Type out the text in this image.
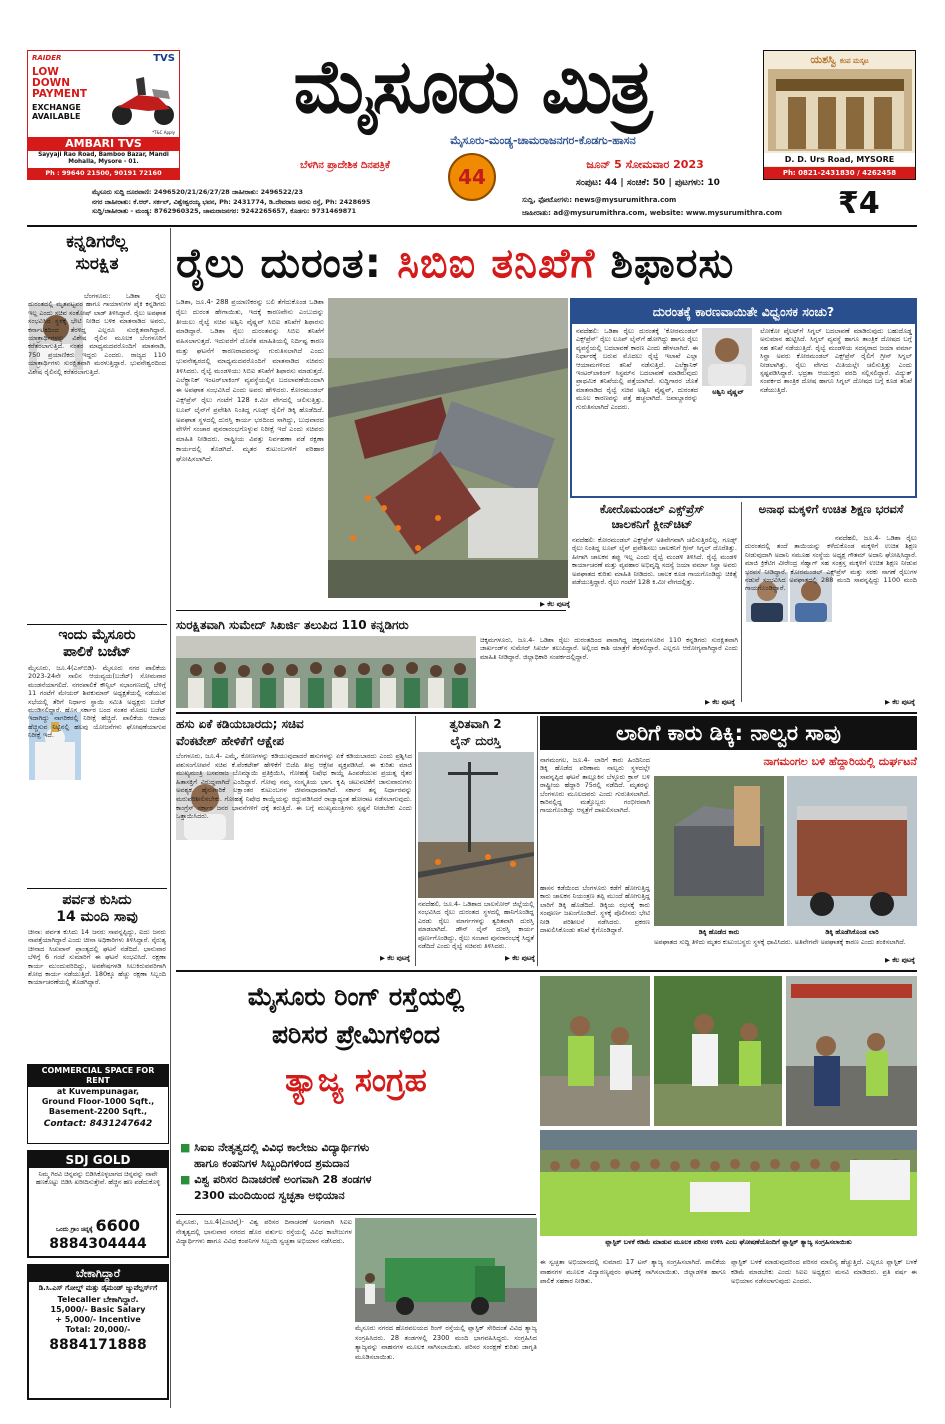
TVS
RAIDER
LOW
DOWN
PAYMENT
EXCHANGE
AVAILABLE
*T&C Apply
AMBARI TVS
Sayyaji Rao Road, Bamboo Bazar, Mandi Mohalla, Mysore - 01.
Ph : 99640 21500, 90191 72160
ಮೈಸೂರು ಮಿತ್ರ
ಮೈಸೂರು-ಮಂಡ್ಯ-ಚಾಮರಾಜನಗರ-ಕೊಡಗು-ಹಾಸನ
ಬೆಳಗಿನ ಪ್ರಾದೇಶಿಕ ದಿನಪತ್ರಿಕೆ	ಜೂನ್ 5 ಸೋಮವಾರ 2023
44	ಸಂಪುಟ: 44 | ಸಂಚಿಕೆ: 50 | ಪುಟಗಳು: 10
ಯಶಸ್ವಿ ಕಂಪ ಮಸ್ಕಟ
D. D. Urs Road, MYSORE
Ph: 0821-2431830 / 4262458
ಮೈಸೂರು ಸುದ್ದಿ ದೂರವಾಣಿ: 2496520/21/26/27/28 ಜಾಹೀರಾತು: 2496522/23
ನಗರ ಜಾಹೀರಾತು: ಕೆ.ಆರ್. ಸರ್ಕಲ್, ವಿಶ್ವೇಶ್ವರಯ್ಯ ಭವನ, Ph: 2431774, ಡಿ.ದೇವರಾಜ ಅರಸು ರಸ್ತೆ, Ph: 2428695
ಸುದ್ದಿ/ಜಾಹೀರಾತು - ಮಂಡ್ಯ: 8762960325, ಚಾಮರಾಜನಗರ: 9242265657, ಕೊಡಗು: 9731469871
ಸುದ್ದಿ, ಫೋಟೋಗಳು: news@mysurumithra.com
ಜಾಹೀರಾತು: ad@mysurumithra.com, website: www.mysurumithra.com	₹4
ಕನ್ನಡಿಗರೆಲ್ಲ
ಸುರಕ್ಷಿತ
ಬೆಂಗಳೂರು: ಒಡಿಶಾ ರೈಲು ದುರಂತದಲ್ಲಿ ಮೃತಪಟ್ಟವರ ಹಾಗೂ ಗಾಯಾಳುಗಳ ಪೈಕಿ ಕನ್ನಡಿಗರು ಇಲ್ಲ ಎಂದು ಸಚಿವ ಸಂತೋಷ್ ಲಾಡ್ ತಿಳಿಸಿದ್ದಾರೆ. ರೈಲು ಅಪಘಾತ ಸಂಭವಿಸಿದ ಸ್ಥಳಕ್ಕೆ ಭೇಟಿ ನೀಡಿದ ಬಳಿಕ ಮಾತನಾಡಿದ ಅವರು, ಕರ್ನಾಟಕದಿಂದ ತೆರಳಿದ್ದ ಎಲ್ಲರೂ ಸುರಕ್ಷಿತವಾಗಿದ್ದಾರೆ. ಯಾತ್ರಾರ್ಥಿಗಳನ್ನು ವಿಶೇಷ ರೈಲಿನ ಮೂಲಕ ಬೆಂಗಳೂರಿಗೆ ಕರೆತರಲಾಗುತ್ತಿದೆ. ನಂತರ ಮಾಧ್ಯಮದವರೊಂದಿಗೆ ಮಾತನಾಡಿ, 750 ಪ್ರಯಾಣಿಕರು ಇದ್ದರು ಎಂದರು. ರಾಜ್ಯದ 110 ಯಾತ್ರಾರ್ಥಿಗಳು ಸುರಕ್ಷಿತವಾಗಿ ಮರಳುತ್ತಿದ್ದಾರೆ. ಭುವನೇಶ್ವರದಿಂದ ವಿಶೇಷ ರೈಲಿನಲ್ಲಿ ಕರೆತರಲಾಗುತ್ತಿದೆ.
ಇಂದು ಮೈಸೂರು
ಪಾಲಿಕೆ ಬಜೆಟ್
ಮೈಸೂರು, ಜೂ.4(ಎಸ್‌ಬಿಡಿ)- ಮೈಸೂರು ನಗರ ಪಾಲಿಕೆಯ 2023-24ನೇ ಸಾಲಿನ ಆಯವ್ಯಯ(ಬಜೆಟ್) ಸೋಮವಾರ ಮಂಡನೆಯಾಗಲಿದೆ. ನಗರಪಾಲಿಕೆ ಕೌನ್ಸಿಲ್ ಸಭಾಂಗಣದಲ್ಲಿ ಬೆಳಿಗ್ಗೆ 11 ಗಂಟೆಗೆ ಮೇಯರ್ ಶಿವಕುಮಾರ್ ಅಧ್ಯಕ್ಷತೆಯಲ್ಲಿ ನಡೆಯುವ ಸಭೆಯಲ್ಲಿ ತೆರಿಗೆ ನಿರ್ಧಾರ ಸ್ಥಾಯಿ ಸಮಿತಿ ಅಧ್ಯಕ್ಷರು ಬಜೆಟ್ ಮಂಡಿಸಲಿದ್ದಾರೆ. ಹೊಸ ಸರ್ಕಾರ ಬಂದ ನಂತರ ಮೊದಲ ಬಜೆಟ್ ಇದಾಗಿದ್ದು ನಾಗರಿಕರಲ್ಲಿ ನಿರೀಕ್ಷೆ ಹೆಚ್ಚಿದೆ. ಪಾಲಿಕೆಯ ಆದಾಯ ಹೆಚ್ಚಿಸುವ ನಿಟ್ಟಿನಲ್ಲಿ ಹಲವು ಯೋಜನೆಗಳು ಘೋಷಣೆಯಾಗುವ ನಿರೀಕ್ಷೆ ಇದೆ.
ಪರ್ವತ ಕುಸಿದು
14 ಮಂದಿ ಸಾವು
ಚೀನಾ: ಪರ್ವತ ಕುಸಿದು 14 ಜನರು ಸಾವನ್ನಪ್ಪಿದ್ದು, ಐದು ಜನರು ನಾಪತ್ತೆಯಾಗಿದ್ದಾರೆ ಎಂದು ಚೀನಾ ಅಧಿಕಾರಿಗಳು ತಿಳಿಸಿದ್ದಾರೆ. ನೈರುತ್ಯ ಚೀನಾದ ಸಿಚುವಾನ್ ಪ್ರಾಂತ್ಯದಲ್ಲಿ ಘಟನೆ ನಡೆದಿದೆ. ಭಾನುವಾರ ಬೆಳಿಗ್ಗೆ 6 ಗಂಟೆ ಸುಮಾರಿಗೆ ಈ ಘಟನೆ ಸಂಭವಿಸಿದೆ. ರಕ್ಷಣಾ ಕಾರ್ಯ ಮುಂದುವರಿದಿದ್ದು, ಅವಶೇಷಗಳಡಿ ಸಿಲುಕಿರುವವರಿಗಾಗಿ ಶೋಧ ಕಾರ್ಯ ನಡೆಯುತ್ತಿದೆ. 180ಕ್ಕೂ ಹೆಚ್ಚು ರಕ್ಷಣಾ ಸಿಬ್ಬಂದಿ ಕಾರ್ಯಾಚರಣೆಯಲ್ಲಿ ತೊಡಗಿದ್ದಾರೆ.
COMMERCIAL SPACE FOR RENT
at Kuvempunagar,
Ground Floor-1000 Sqft.,
Basement-2200 Sqft.,
Contact: 8431247642
SDJ GOLD
ನಿಮ್ಮ ಗಿರವಿ ಚಿನ್ನವನ್ನು ಬಿಡಿಸಿಕೊಳ್ಳಲಾಗದ ಚಿನ್ನವನ್ನು ನಾವೇ ಹಣಕೊಟ್ಟು ಬಿಡಿಸಿ ಖರೀದಿಸುತ್ತೇವೆ. ಹೆಚ್ಚಿನ ಹಣ ಪಡೆದುಕೊಳ್ಳಿ
ಒಂದು ಗ್ರಾಂ ಚಿನ್ನಕ್ಕೆ 6600
8884304444
ಬೇಕಾಗಿದ್ದಾರೆ
ಡಿ.ಸಿ.ಎಸ್ ಗೋಲ್ಡ್ ಮತ್ತು ಡೈಮಂಡ್ ಜ್ಯುವೆಲ್ಲರ್ಸ್‌ಗೆ
Telecaller ಬೇಕಾಗಿದ್ದಾರೆ.
15,000/- Basic Salary
+ 5,000/- Incentive
Total: 20,000/-
8884171888
ರೈಲು ದುರಂತ: ಸಿಬಿಐ ತನಿಖೆಗೆ ಶಿಫಾರಸು
ಒಡಿಶಾ, ಜೂ.4- 288 ಪ್ರಯಾಣಿಕರನ್ನು ಬಲಿ ತೆಗೆದುಕೊಂಡ ಒಡಿಶಾ ರೈಲು ದುರಂತ ಹೇಗಾಯಿತು, ಇದಕ್ಕೆ ಕಾರಣವೇನು ಎಂಬುದನ್ನು ತೀಯಲು ರೈಲ್ವೆ ಸಚಿವ ಅಶ್ವಿನಿ ವೈಷ್ಣವ್ ಸಿಬಿಐ ತನಿಖೆಗೆ ಶಿಫಾರಸು ಮಾಡಿದ್ದಾರೆ. ಒಡಿಶಾ ರೈಲು ದುರಂತವನ್ನು ಸಿಬಿಐ ತನಿಖೆಗೆ ವಹಿಸಲಾಗುತ್ತದೆ. ಇದುವರೆಗೆ ದೊರೆತ ಮಾಹಿತಿಯಲ್ಲಿ ನಿರ್ದಿಷ್ಟ ಕಾರಣ ಮತ್ತು ಘಟನೆಗೆ ಕಾರಣರಾದವರನ್ನು ಗುರುತಿಸಲಾಗಿದೆ ಎಂದು ಭುವನೇಶ್ವರದಲ್ಲಿ ಮಾಧ್ಯಮದವರೊಂದಿಗೆ ಮಾತನಾಡಿದ ಸಚಿವರು ತಿಳಿಸಿದರು. ರೈಲ್ವೆ ಮಂಡಳಿಯು ಸಿಬಿಐ ತನಿಖೆಗೆ ಶಿಫಾರಸು ಮಾಡುತ್ತದೆ. ಎಲೆಕ್ಟ್ರಾನಿಕ್ ಇಂಟರ್‌ಲಾಕಿಂಗ್ ವ್ಯವಸ್ಥೆಯಲ್ಲಿನ ಬದಲಾವಣೆಯಿಂದಾಗಿ ಈ ಅಪಘಾತ ಸಂಭವಿಸಿದೆ ಎಂದು ಅವರು ಹೇಳಿದರು. ಕೋರಮಂಡಲ್ ಎಕ್ಸ್‌ಪ್ರೆಸ್ ರೈಲು ಗಂಟೆಗೆ 128 ಕಿ.ಮೀ ವೇಗದಲ್ಲಿ ಚಲಿಸುತ್ತಿತ್ತು. ಲೂಪ್ ಲೈನ್‌ಗೆ ಪ್ರವೇಶಿಸಿ ನಿಂತಿದ್ದ ಗೂಡ್ಸ್ ರೈಲಿಗೆ ಡಿಕ್ಕಿ ಹೊಡೆದಿದೆ. ಅಪಘಾತ ಸ್ಥಳದಲ್ಲಿ ದುರಸ್ತಿ ಕಾರ್ಯ ಭರದಿಂದ ಸಾಗಿದ್ದು, ಬುಧವಾರದ ವೇಳೆಗೆ ಸಂಚಾರ ಪುನರಾರಂಭಗೊಳ್ಳುವ ನಿರೀಕ್ಷೆ ಇದೆ ಎಂದು ಸಚಿವರು ಮಾಹಿತಿ ನೀಡಿದರು. ರಾಷ್ಟ್ರೀಯ ವಿಪತ್ತು ನಿರ್ವಹಣಾ ಪಡೆ ರಕ್ಷಣಾ ಕಾರ್ಯದಲ್ಲಿ ತೊಡಗಿದೆ. ಮೃತರ ಕುಟುಂಬಗಳಿಗೆ ಪರಿಹಾರ ಘೋಷಿಸಲಾಗಿದೆ.
▶ ಕೆಲ ಪುಟಕ್ಕೆ
ದುರಂತಕ್ಕೆ ಕಾರಣವಾಯಿತೇ ವಿಧ್ವಂಸಕ ಸಂಚು?
ಅಶ್ವಿನಿ ವೈಷ್ಣವ್
ನವದೆಹಲಿ: ಒಡಿಶಾ ರೈಲು ದುರಂತಕ್ಕೆ 'ಕೋರಮಂಡಲ್ ಎಕ್ಸ್‌ಪ್ರೆಸ್' ರೈಲು ಲೂಪ್ ಲೈನ್‌ಗೆ ಹೋಗಿದ್ದು ಹಾಗೂ ರೈಲು ವ್ಯವಸ್ಥೆಯಲ್ಲಿ ಬದಲಾವಣೆ ಕಾರಣ ಎಂದು ಹೇಳಲಾಗಿದೆ. ಈ ನಿರ್ಧಾರಕ್ಕೆ ಬರುವ ಮೊದಲು ರೈಲ್ವೆ ಇಲಾಖೆ ಎಲ್ಲಾ ಆಯಾಮಗಳಿಂದ ತನಿಖೆ ನಡೆಸುತ್ತಿದೆ. ಎಲೆಕ್ಟ್ರಾನಿಕ್ ಇಂಟರ್‌ಲಾಕಿಂಗ್ ಸಿಸ್ಟಮ್‌ನ ಬದಲಾವಣೆ ಮಾಡಿರುವುದು ಪ್ರಾಥಮಿಕ ತನಿಖೆಯಲ್ಲಿ ಪತ್ತೆಯಾಗಿದೆ. ಸುದ್ದಿಗಾರರ ಜೊತೆ ಮಾತನಾಡಿದ ರೈಲ್ವೆ ಸಚಿವ ಅಶ್ವಿನಿ ವೈಷ್ಣವ್, ದುರಂತದ ಮೂಲ ಕಾರಣವನ್ನು ಪತ್ತೆ ಹಚ್ಚಲಾಗಿದೆ. ಜವಾಬ್ದಾರರನ್ನು ಗುರುತಿಸಲಾಗಿದೆ ಎಂದರು.
ಲೋಕೋ ಪೈಲಟ್‌ಗೆ ಸಿಗ್ನಲ್ ಬದಲಾವಣೆ ಮಾಡಿರುವುದು ಬಹುದೊಡ್ಡ ಅನುಮಾನ ಹುಟ್ಟಿಸಿದೆ. ಸಿಗ್ನಲ್ ವ್ಯವಸ್ಥೆ ಹಾಗೂ ತಾಂತ್ರಿಕ ದೋಷದ ಬಗ್ಗೆ ಸಹ ತನಿಖೆ ನಡೆಯುತ್ತಿದೆ. ರೈಲ್ವೆ ಮಂಡಳಿಯ ಸದಸ್ಯರಾದ ಜಯಾ ವರ್ಮಾ ಸಿನ್ಹಾ ಅವರು ಕೋರಮಂಡಲ್ ಎಕ್ಸ್‌ಪ್ರೆಸ್ ರೈಲಿಗೆ ಗ್ರೀನ್ ಸಿಗ್ನಲ್ ನೀಡಲಾಗಿತ್ತು. ರೈಲು ವೇಗದ ಮಿತಿಯಲ್ಲೇ ಚಲಿಸುತ್ತಿತ್ತು ಎಂದು ಸ್ಪಷ್ಟಪಡಿಸಿದ್ದಾರೆ. ಭದ್ರತಾ ಆಯುಕ್ತರು ವರದಿ ಸಲ್ಲಿಸಲಿದ್ದಾರೆ. ವಿದ್ಯುತ್ ಸಂಪರ್ಕದ ತಾಂತ್ರಿಕ ದೋಷ ಹಾಗೂ ಸಿಗ್ನಲ್ ದೋಷದ ಬಗ್ಗೆ ಕೂಡ ತನಿಖೆ ನಡೆಯುತ್ತಿದೆ.
ಕೋರೊಮಂಡಲ್ ಎಕ್ಸ್‌ಪ್ರೆಸ್
ಚಾಲಕನಿಗೆ ಕ್ಲೀನ್‌ಚಿಟ್
ನವದೆಹಲಿ: ಕೋರಮಂಡಲ್ ಎಕ್ಸ್‌ಪ್ರೆಸ್ ಅತಿವೇಗವಾಗಿ ಚಲಿಸುತ್ತಿರಲಿಲ್ಲ. ಗೂಡ್ಸ್ ರೈಲು ನಿಂತಿದ್ದ ಲೂಪ್ ಲೈನ್ ಪ್ರವೇಶಿಸಲು ಚಾಲಕನಿಗೆ ಗ್ರೀನ್ ಸಿಗ್ನಲ್ ದೊರೆತಿತ್ತು. ಹೀಗಾಗಿ ಚಾಲಕನ ತಪ್ಪು ಇಲ್ಲ ಎಂದು ರೈಲ್ವೆ ಮಂಡಳಿ ತಿಳಿಸಿದೆ. ರೈಲ್ವೆ ಮಂಡಳಿ ಕಾರ್ಯಾಚರಣೆ ಮತ್ತು ವ್ಯವಹಾರ ಅಭಿವೃದ್ಧಿ ಸದಸ್ಯೆ ಜಯಾ ವರ್ಮಾ ಸಿನ್ಹಾ ಅವರು ಅಪಘಾತದ ಕುರಿತು ಮಾಹಿತಿ ನೀಡಿದರು. ಚಾಲಕ ಕೂಡ ಗಾಯಗೊಂಡಿದ್ದು ಚಿಕಿತ್ಸೆ ಪಡೆಯುತ್ತಿದ್ದಾರೆ. ರೈಲು ಗಂಟೆಗೆ 128 ಕಿ.ಮೀ ವೇಗದಲ್ಲಿತ್ತು.
▶ ಕೆಲ ಪುಟಕ್ಕೆ
ಅನಾಥ ಮಕ್ಕಳಿಗೆ ಉಚಿತ ಶಿಕ್ಷಣ ಭರವಸೆ
ನವದೆಹಲಿ, ಜೂ.4- ಒಡಿಶಾ ರೈಲು ದುರಂತದಲ್ಲಿ ತಂದೆ ತಾಯಿಯನ್ನು ಕಳೆದುಕೊಂಡ ಮಕ್ಕಳಿಗೆ ಉಚಿತ ಶಿಕ್ಷಣ ನೀಡುವುದಾಗಿ ಅದಾನಿ ಸಮೂಹ ಸಂಸ್ಥೆಯ ಅಧ್ಯಕ್ಷ ಗೌತಮ್ ಅದಾನಿ ಘೋಷಿಸಿದ್ದಾರೆ. ಮಾಜಿ ಕ್ರಿಕೆಟಿಗ ವೀರೇಂದ್ರ ಸೆಹ್ವಾಗ್ ಸಹ ಸಂತ್ರಸ್ತ ಮಕ್ಕಳಿಗೆ ಉಚಿತ ಶಿಕ್ಷಣ ನೀಡುವ ಭರವಸೆ ನೀಡಿದ್ದಾರೆ. ಕೋರಮಂಡಲ್ ಎಕ್ಸ್‌ಪ್ರೆಸ್ ಮತ್ತು ಸರಕು ಸಾಗಣೆ ರೈಲುಗಳ ನಡುವೆ ಸಂಭವಿಸಿದ ಅಪಘಾತದಲ್ಲಿ 288 ಮಂದಿ ಸಾವನ್ನಪ್ಪಿದ್ದು 1100 ಮಂದಿ ಗಾಯಗೊಂಡಿದ್ದಾರೆ.
▶ ಕೆಲ ಪುಟಕ್ಕೆ
ಸುರಕ್ಷಿತವಾಗಿ ಸುಮೇದ್ ಸಿಖರ್ಜಿ ತಲುಪಿದ 110 ಕನ್ನಡಿಗರು
ಚಿಕ್ಕಮಗಳೂರು, ಜೂ.4- ಒಡಿಶಾ ರೈಲು ದುರಂತದಿಂದ ಪಾರಾಗಿದ್ದ ಚಿಕ್ಕಮಗಳೂರಿನ 110 ಕನ್ನಡಿಗರು ಸುರಕ್ಷಿತವಾಗಿ ಜಾರ್ಖಂಡ್‌ನ ಸುಮೇದ್ ಸಿಖರ್ಜಿ ತಲುಪಿದ್ದಾರೆ. ಅಲ್ಲಿಂದ ಕಾಶಿ ಯಾತ್ರೆಗೆ ತೆರಳಲಿದ್ದಾರೆ. ಎಲ್ಲರೂ ಆರೋಗ್ಯವಾಗಿದ್ದಾರೆ ಎಂದು ಮಾಹಿತಿ ನೀಡಿದ್ದಾರೆ. ಜಿಲ್ಲಾಧಿಕಾರಿ ಸಂಪರ್ಕದಲ್ಲಿದ್ದಾರೆ.
ಹಸು ಏಕೆ ಕಡಿಯಬಾರದು; ಸಚಿವ
ವೆಂಕಟೇಶ್ ಹೇಳಿಕೆಗೆ ಆಕ್ಷೇಪ
ಬೆಂಗಳೂರು, ಜೂ.4- ಎಮ್ಮೆ, ಕೋಣಗಳನ್ನು ಕಡಿಯುವುದಾದರೆ ಹಸುಗಳನ್ನು ಏಕೆ ಕಡಿಯಬಾರದು ಎಂದು ಪ್ರಶ್ನಿಸಿದ ಪಶುಸಂಗೋಪನೆ ಸಚಿವ ಕೆ.ವೆಂಕಟೇಶ್ ಹೇಳಿಕೆಗೆ ಬಿಜೆಪಿ ತೀವ್ರ ಆಕ್ಷೇಪ ವ್ಯಕ್ತಪಡಿಸಿದೆ. ಈ ಕುರಿತು ಮಾಜಿ ಮುಖ್ಯಮಂತ್ರಿ ಬಸವರಾಜ ಬೊಮ್ಮಾಯಿ ಪ್ರತಿಕ್ರಿಯಿಸಿ, ಗೋಹತ್ಯೆ ನಿಷೇಧ ಕಾಯ್ದೆ ಹಿಂಪಡೆಯುವ ಪ್ರಯತ್ನ ರೈತರ ಹಿತಾಸಕ್ತಿಗೆ ವಿರುದ್ಧವಾಗಿದೆ ಎಂದಿದ್ದಾರೆ. ಗೋವು ನಮ್ಮ ಸಂಸ್ಕೃತಿಯ ಭಾಗ. ಕೃಷಿ ಚಟುವಟಿಕೆಗೆ ಜಾನುವಾರುಗಳು ಅವಶ್ಯಕ. ಹೈನುಗಾರಿಕೆ ಲಕ್ಷಾಂತರ ಕುಟುಂಬಗಳ ಜೀವನಾಧಾರವಾಗಿದೆ. ಸರ್ಕಾರ ತನ್ನ ನಿರ್ಧಾರವನ್ನು ಮರುಪರಿಶೀಲಿಸಬೇಕು. ಗೋಹತ್ಯೆ ನಿಷೇಧ ಕಾಯ್ದೆಯನ್ನು ರದ್ದುಪಡಿಸಿದರೆ ರಾಜ್ಯಾದ್ಯಂತ ಹೋರಾಟ ನಡೆಸಲಾಗುವುದು. ಕಾಂಗ್ರೆಸ್ ಸರ್ಕಾರ ಜನರ ಭಾವನೆಗಳಿಗೆ ಧಕ್ಕೆ ತರುತ್ತಿದೆ. ಈ ಬಗ್ಗೆ ಮುಖ್ಯಮಂತ್ರಿಗಳು ಸ್ಪಷ್ಟನೆ ನೀಡಬೇಕು ಎಂದು ಒತ್ತಾಯಿಸಿದರು.
▶ ಕೆಲ ಪುಟಕ್ಕೆ
ತ್ವರಿತವಾಗಿ 2
ಲೈನ್ ದುರಸ್ತಿ
ನವದೆಹಲಿ, ಜೂ.4- ಒಡಿಶಾದ ಬಾಲಸೋರ್ ಜಿಲ್ಲೆಯಲ್ಲಿ ಸಂಭವಿಸಿದ ರೈಲು ದುರಂತದ ಸ್ಥಳದಲ್ಲಿ ಹಾನಿಗೊಂಡಿದ್ದ ಎರಡು ರೈಲು ಮಾರ್ಗಗಳನ್ನು ತ್ವರಿತವಾಗಿ ದುರಸ್ತಿ ಮಾಡಲಾಗಿದೆ. ಡೌನ್ ಲೈನ್ ದುರಸ್ತಿ ಕಾರ್ಯ ಪೂರ್ಣಗೊಂಡಿದ್ದು, ರೈಲು ಸಂಚಾರ ಪುನರಾರಂಭಕ್ಕೆ ಸಿದ್ಧತೆ ನಡೆದಿದೆ ಎಂದು ರೈಲ್ವೆ ಸಚಿವರು ತಿಳಿಸಿದರು.
▶ ಕೆಲ ಪುಟಕ್ಕೆ
ಲಾರಿಗೆ ಕಾರು ಡಿಕ್ಕಿ: ನಾಲ್ವರ ಸಾವು
ನಾಗಮಂಗಲ ಬಳಿ ಹೆದ್ದಾರಿಯಲ್ಲಿ ದುರ್ಘಟನೆ
ನಾಗಮಂಗಲ, ಜೂ.4- ಲಾರಿಗೆ ಕಾರು ಹಿಂದಿನಿಂದ ಡಿಕ್ಕಿ ಹೊಡೆದ ಪರಿಣಾಮ ನಾಲ್ವರು ಸ್ಥಳದಲ್ಲೇ ಸಾವನ್ನಪ್ಪಿದ ಘಟನೆ ತಾಲ್ಲೂಕಿನ ಬೆಳ್ಳೂರು ಕ್ರಾಸ್ ಬಳಿ ರಾಷ್ಟ್ರೀಯ ಹೆದ್ದಾರಿ 75ರಲ್ಲಿ ನಡೆದಿದೆ. ಮೃತರನ್ನು ಬೆಂಗಳೂರು ಮೂಲದವರು ಎಂದು ಗುರುತಿಸಲಾಗಿದೆ. ಕಾರಿನಲ್ಲಿದ್ದ ಮತ್ತೊಬ್ಬರು ಗಂಭೀರವಾಗಿ ಗಾಯಗೊಂಡಿದ್ದು ಆಸ್ಪತ್ರೆಗೆ ದಾಖಲಿಸಲಾಗಿದೆ.
ಹಾಸನ ಕಡೆಯಿಂದ ಬೆಂಗಳೂರು ಕಡೆಗೆ ಹೋಗುತ್ತಿದ್ದ ಕಾರು ಚಾಲಕನ ನಿಯಂತ್ರಣ ತಪ್ಪಿ ಮುಂದೆ ಹೋಗುತ್ತಿದ್ದ ಲಾರಿಗೆ ಡಿಕ್ಕಿ ಹೊಡೆದಿದೆ. ಡಿಕ್ಕಿಯ ರಭಸಕ್ಕೆ ಕಾರು ಸಂಪೂರ್ಣ ಜಖಂಗೊಂಡಿದೆ. ಸ್ಥಳಕ್ಕೆ ಪೊಲೀಸರು ಭೇಟಿ ನೀಡಿ ಪರಿಶೀಲನೆ ನಡೆಸಿದರು. ಪ್ರಕರಣ ದಾಖಲಿಸಿಕೊಂಡು ತನಿಖೆ ಕೈಗೊಂಡಿದ್ದಾರೆ.	ಡಿಕ್ಕಿ ಹೊಡೆದ ಕಾರು	ಡಿಕ್ಕಿ ಹೊಡೆಸಿಕೊಂಡ ಲಾರಿ
ಅಪಘಾತದ ಸುದ್ದಿ ತಿಳಿದು ಮೃತರ ಕುಟುಂಬಸ್ಥರು ಸ್ಥಳಕ್ಕೆ ಧಾವಿಸಿದರು. ಅತಿವೇಗವೇ ಅಪಘಾತಕ್ಕೆ ಕಾರಣ ಎಂದು ಶಂಕಿಸಲಾಗಿದೆ.
▶ ಕೆಲ ಪುಟಕ್ಕೆ
ಮೈಸೂರು ರಿಂಗ್ ರಸ್ತೆಯಲ್ಲಿ
ಪರಿಸರ ಪ್ರೇಮಿಗಳಿಂದ
ತ್ಯಾಜ್ಯ ಸಂಗ್ರಹ
■ ಸಿಐಐ ನೇತೃತ್ವದಲ್ಲಿ ವಿವಿಧ ಕಾಲೇಜು ವಿದ್ಯಾರ್ಥಿಗಳು
ಹಾಗೂ ಕಂಪನಿಗಳ ಸಿಬ್ಬಂದಿಗಳಿಂದ ಶ್ರಮದಾನ
■ ವಿಶ್ವ ಪರಿಸರ ದಿನಾಚರಣೆ ಅಂಗವಾಗಿ 28 ತಂಡಗಳ
2300 ಮಂದಿಯಿಂದ ಸ್ವಚ್ಛತಾ ಅಭಿಯಾನ
ಮೈಸೂರು, ಜೂ.4(ಎಂಟಿವೈ)- ವಿಶ್ವ ಪರಿಸರ ದಿನಾಚರಣೆ ಅಂಗವಾಗಿ ಸಿಐಐ ನೇತೃತ್ವದಲ್ಲಿ ಭಾನುವಾರ ನಗರದ ಹೊರ ವರ್ತುಲ ರಸ್ತೆಯಲ್ಲಿ ವಿವಿಧ ಕಾಲೇಜುಗಳ ವಿದ್ಯಾರ್ಥಿಗಳು ಹಾಗೂ ವಿವಿಧ ಕಂಪನಿಗಳ ಸಿಬ್ಬಂದಿ ಸ್ವಚ್ಛತಾ ಅಭಿಯಾನ ನಡೆಸಿದರು.
ಮೈಸೂರು ನಗರದ ಹೊರವಲಯದ ರಿಂಗ್ ರಸ್ತೆಯಲ್ಲಿ ಪ್ಲಾಸ್ಟಿಕ್ ಸೇರಿದಂತೆ ವಿವಿಧ ತ್ಯಾಜ್ಯ ಸಂಗ್ರಹಿಸಿದರು. 28 ತಂಡಗಳಲ್ಲಿ 2300 ಮಂದಿ ಭಾಗವಹಿಸಿದ್ದರು. ಸಂಗ್ರಹಿಸಿದ ತ್ಯಾಜ್ಯವನ್ನು ವಾಹನಗಳ ಮೂಲಕ ಸಾಗಿಸಲಾಯಿತು. ಪರಿಸರ ಸಂರಕ್ಷಣೆ ಕುರಿತು ಜಾಗೃತಿ ಮೂಡಿಸಲಾಯಿತು.
ಪ್ಲಾಸ್ಟಿಕ್ ಬಳಕೆ ಕಡಿಮೆ ಮಾಡುವ ಮೂಲಕ ಪರಿಸರ ಉಳಿಸಿ ಎಂಬ ಘೋಷಣೆಯೊಂದಿಗೆ ಪ್ಲಾಸ್ಟಿಕ್ ತ್ಯಾಜ್ಯ ಸಂಗ್ರಹಿಸಲಾಯಿತು
ಈ ಸ್ವಚ್ಛತಾ ಅಭಿಯಾನದಲ್ಲಿ ಸುಮಾರು 17 ಟನ್ ತ್ಯಾಜ್ಯ ಸಂಗ್ರಹಿಸಲಾಗಿದೆ. ಪಾಲಿಕೆಯ ವಾಹನಗಳ ಮೂಲಕ ವಿದ್ಯಾರಣ್ಯಪುರಂ ಘಟಕಕ್ಕೆ ಸಾಗಿಸಲಾಯಿತು. ಜಿಲ್ಲಾಡಳಿತ ಹಾಗೂ ಪಾಲಿಕೆ ಸಹಕಾರ ನೀಡಿತು.
ಪ್ಲಾಸ್ಟಿಕ್ ಬಳಕೆ ಮಾಡುವುದರಿಂದ ಪರಿಸರ ಮಾಲಿನ್ಯ ಹೆಚ್ಚುತ್ತಿದೆ. ಎಲ್ಲರೂ ಪ್ಲಾಸ್ಟಿಕ್ ಬಳಕೆ ಕಡಿಮೆ ಮಾಡಬೇಕು ಎಂದು ಸಿಐಐ ಅಧ್ಯಕ್ಷರು ಮನವಿ ಮಾಡಿದರು. ಪ್ರತಿ ವರ್ಷ ಈ ಅಭಿಯಾನ ನಡೆಸಲಾಗುವುದು ಎಂದರು.
